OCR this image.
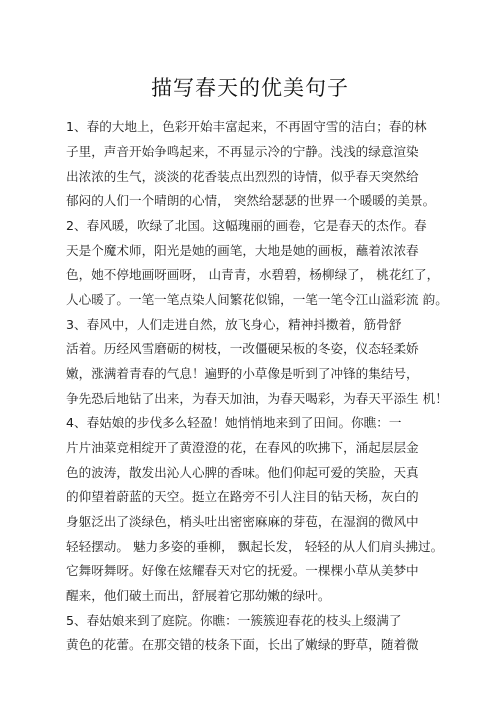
描写春天的优美句子
1、春的大地上，色彩开始丰富起来，不再固守雪的洁白；春的林
子里，声音开始争鸣起来，不再显示冷的宁静。浅浅的绿意渲染
出浓浓的生气，淡淡的花香装点出烈烈的诗情，似乎春天突然给
郁闷的人们一个晴朗的心情， 突然给瑟瑟的世界一个暖暖的美景。
2、春风暖，吹绿了北国。这幅瑰丽的画卷，它是春天的杰作。春
天是个魔术师，阳光是她的画笔，大地是她的画板，蘸着浓浓春
色，她不停地画呀画呀， 山青青，水碧碧，杨柳绿了， 桃花红了，
人心暖了。一笔一笔点染人间繁花似锦，一笔一笔令江山溢彩流 韵。
3、春风中，人们走进自然，放飞身心，精神抖擞着，筋骨舒
活着。历经风雪磨砺的树枝，一改僵硬呆板的冬姿，仪态轻柔娇
嫩，涨满着青春的气息！遍野的小草像是听到了冲锋的集结号，
争先恐后地钻了出来，为春天加油，为春天喝彩，为春天平添生 机！
4、春姑娘的步伐多么轻盈！她悄悄地来到了田间。你瞧：一
片片油菜竞相绽开了黄澄澄的花，在春风的吹拂下，涌起层层金
色的波涛，散发出沁人心脾的香味。他们仰起可爱的笑脸，天真
的仰望着蔚蓝的天空。挺立在路旁不引人注目的钻天杨，灰白的
身躯泛出了淡绿色，梢头吐出密密麻麻的芽苞，在湿润的微风中
轻轻摆动。 魅力多姿的垂柳， 飘起长发， 轻轻的从人们肩头拂过。
它舞呀舞呀。好像在炫耀春天对它的抚爱。一棵棵小草从美梦中
醒来，他们破土而出，舒展着它那幼嫩的绿叶。
5、春姑娘来到了庭院。你瞧：一簇簇迎春花的枝头上缀满了
黄色的花蕾。在那交错的枝条下面，长出了嫩绿的野草，随着微
